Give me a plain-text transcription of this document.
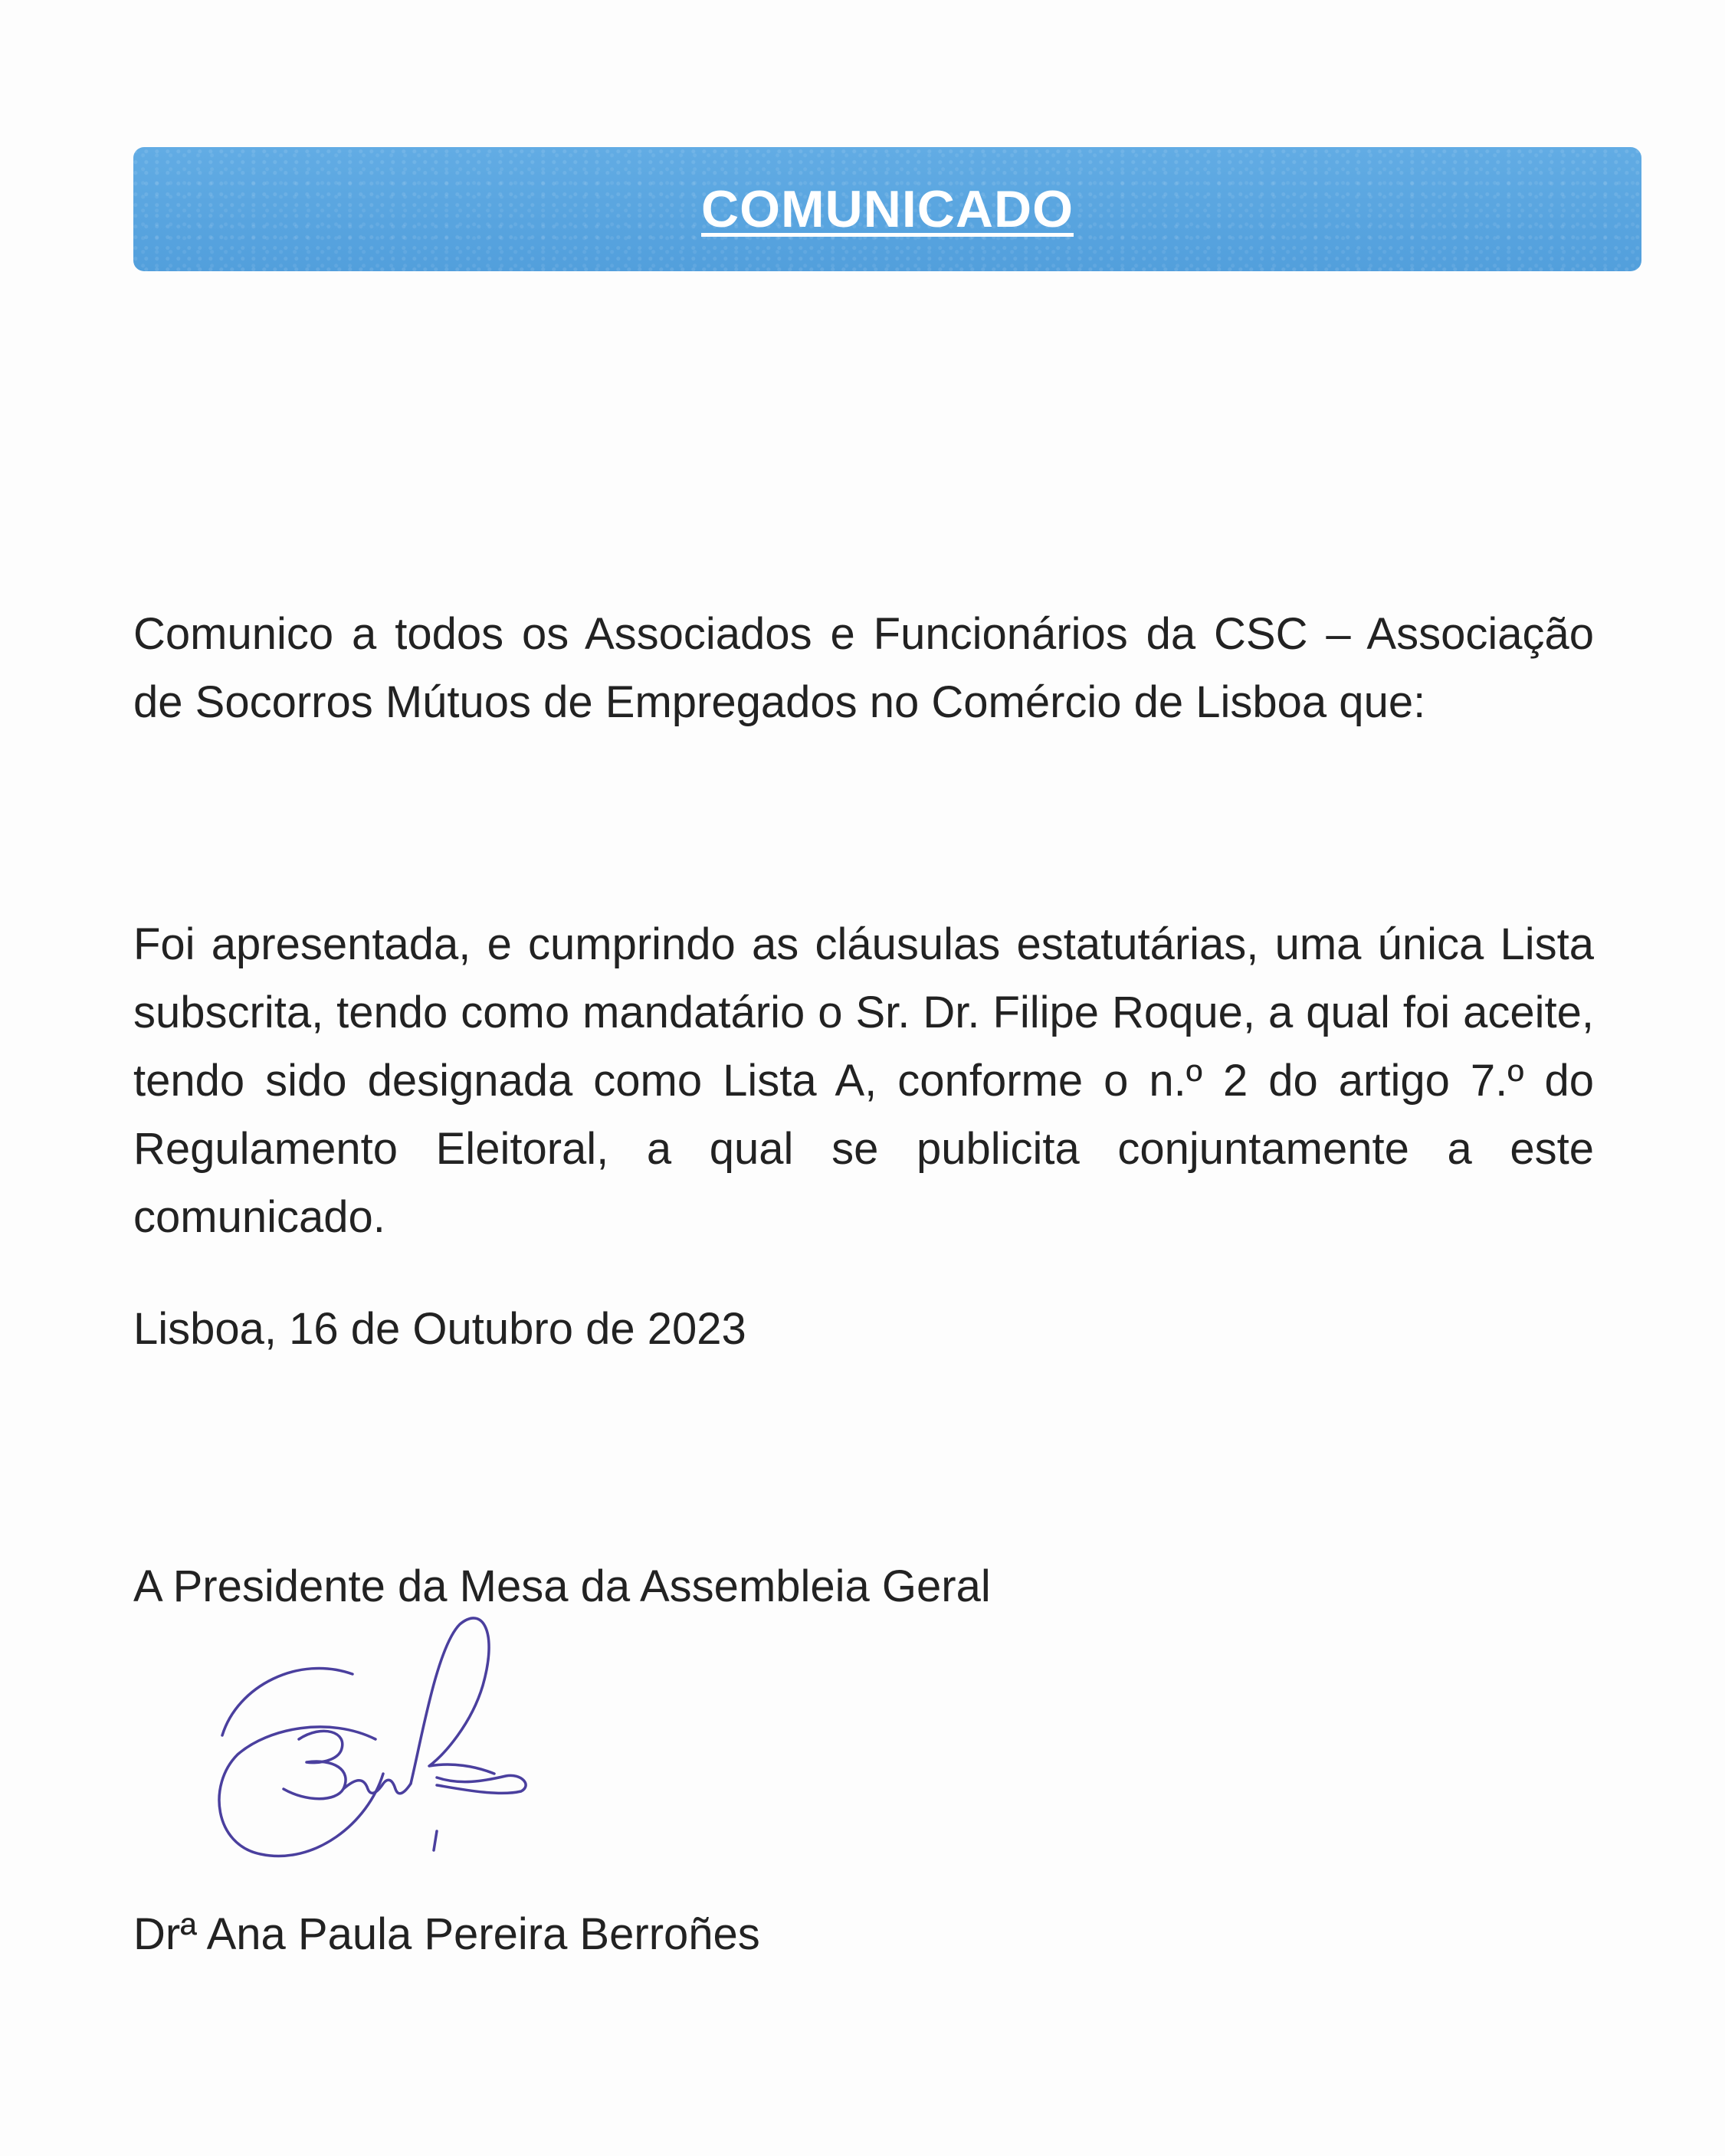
COMUNICADO

Comunico a todos os Associados e Funcionários da CSC – Associação de Socorros Mútuos de Empregados no Comércio de Lisboa que:

Foi apresentada, e cumprindo as cláusulas estatutárias, uma única Lista subscrita, tendo como mandatário o Sr. Dr. Filipe Roque, a qual foi aceite, tendo sido designada como Lista A, conforme o n.º 2 do artigo 7.º do Regulamento Eleitoral, a qual se publicita conjuntamente a este comunicado.

Lisboa, 16 de Outubro de 2023
A Presidente da Mesa da Assembleia Geral
Drª Ana Paula Pereira Berroñes
